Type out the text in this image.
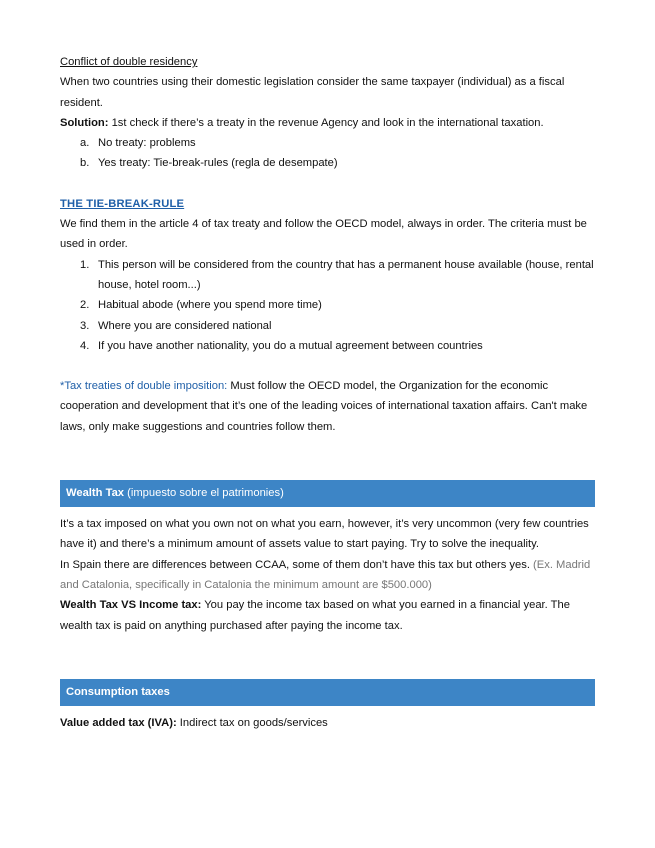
Conflict of double residency

When two countries using their domestic legislation consider the same taxpayer (individual) as a fiscal resident.

Solution: 1st check if there’s a treaty in the revenue Agency and look in the international taxation.

a. No treaty: problems
b. Yes treaty: Tie-break-rules (regla de desempate)

THE TIE-BREAK-RULE

We find them in the article 4 of tax treaty and follow the OECD model, always in order. The criteria must be used in order.

1. This person will be considered from the country that has a permanent house available (house, rental house, hotel room...)
2. Habitual abode (where you spend more time)
3. Where you are considered national
4. If you have another nationality, you do a mutual agreement between countries

*Tax treaties of double imposition: Must follow the OECD model, the Organization for the economic cooperation and development that it’s one of the leading voices of international taxation affairs. Can't make laws, only make suggestions and countries follow them.

Wealth Tax (impuesto sobre el patrimonies)

It’s a tax imposed on what you own not on what you earn, however, it’s very uncommon (very few countries have it) and there’s a minimum amount of assets value to start paying. Try to solve the inequality.

In Spain there are differences between CCAA, some of them don’t have this tax but others yes. (Ex. Madrid and Catalonia, specifically in Catalonia the minimum amount are $500.000)

Wealth Tax VS Income tax: You pay the income tax based on what you earned in a financial year. The wealth tax is paid on anything purchased after paying the income tax.

Consumption taxes

Value added tax (IVA): Indirect tax on goods/services
